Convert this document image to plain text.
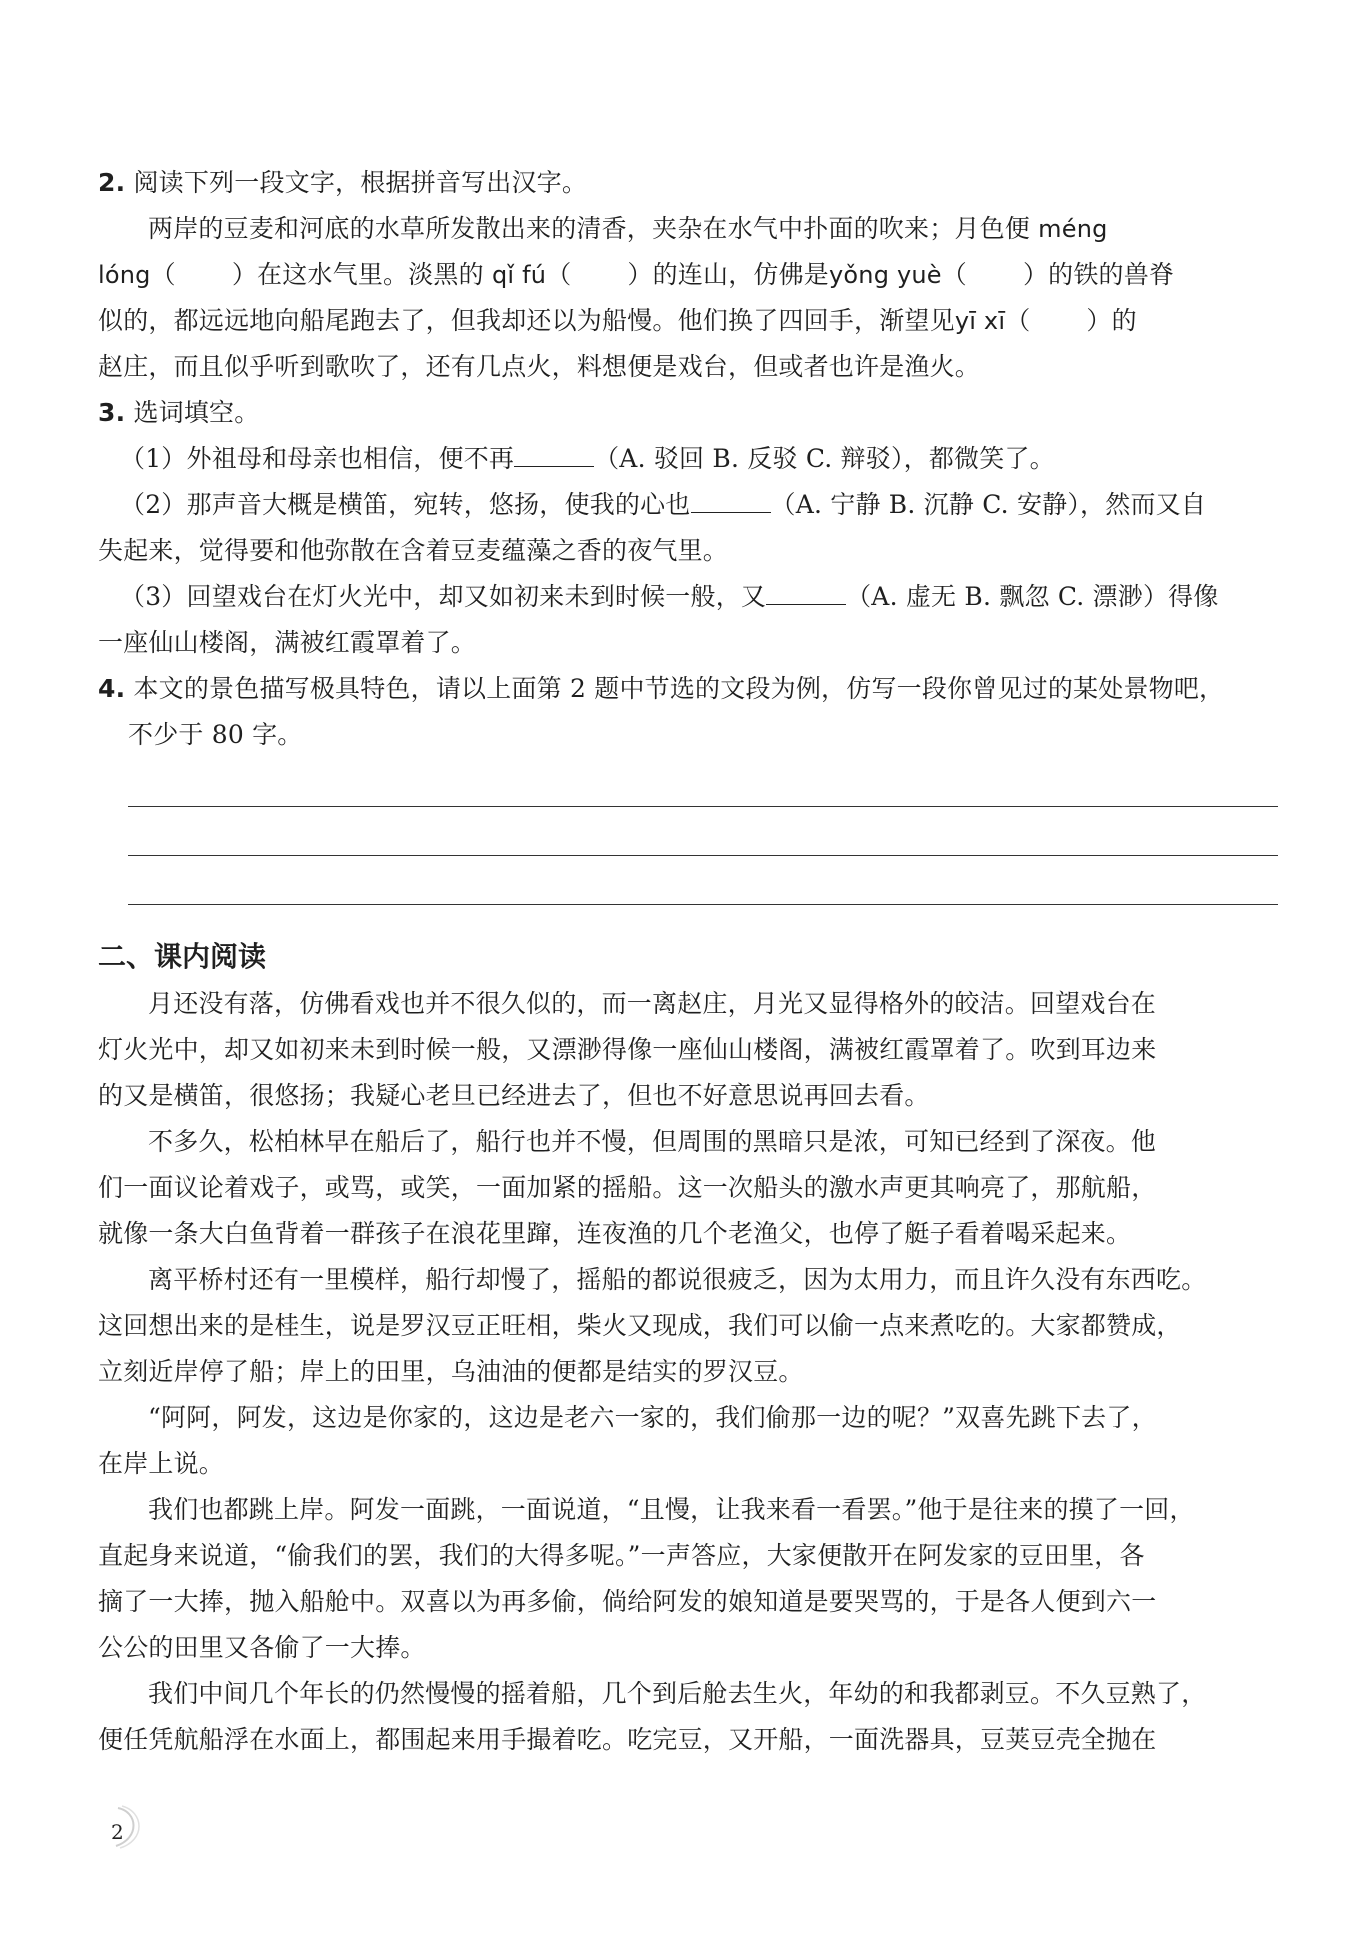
2. 阅读下列一段文字，根据拼音写出汉字。
两岸的豆麦和河底的水草所发散出来的清香，夹杂在水气中扑面的吹来；月色便 méng
lóng（ ）在这水气里。淡黑的 qǐ fú（ ）的连山，仿佛是yǒng yuè（ ）的铁的兽脊
似的，都远远地向船尾跑去了，但我却还以为船慢。他们换了四回手，渐望见yī xī（ ）的
赵庄，而且似乎听到歌吹了，还有几点火，料想便是戏台，但或者也许是渔火。
3. 选词填空。
（1）外祖母和母亲也相信，便不再	（A. 驳回 B. 反驳 C. 辩驳），都微笑了。
（2）那声音大概是横笛，宛转，悠扬，使我的心也	（A. 宁静 B. 沉静 C. 安静），然而又自
失起来，觉得要和他弥散在含着豆麦蕴藻之香的夜气里。
（3）回望戏台在灯火光中，却又如初来未到时候一般，又	（A. 虚无 B. 飘忽 C. 漂渺）得像
一座仙山楼阁，满被红霞罩着了。
4. 本文的景色描写极具特色，请以上面第 2 题中节选的文段为例，仿写一段你曾见过的某处景物吧，
不少于 80 字。
二、课内阅读
月还没有落，仿佛看戏也并不很久似的，而一离赵庄，月光又显得格外的皎洁。回望戏台在
灯火光中，却又如初来未到时候一般，又漂渺得像一座仙山楼阁，满被红霞罩着了。吹到耳边来
的又是横笛，很悠扬；我疑心老旦已经进去了，但也不好意思说再回去看。
不多久，松柏林早在船后了，船行也并不慢，但周围的黑暗只是浓，可知已经到了深夜。他
们一面议论着戏子，或骂，或笑，一面加紧的摇船。这一次船头的激水声更其响亮了，那航船，
就像一条大白鱼背着一群孩子在浪花里蹿，连夜渔的几个老渔父，也停了艇子看着喝采起来。
离平桥村还有一里模样，船行却慢了，摇船的都说很疲乏，因为太用力，而且许久没有东西吃。
这回想出来的是桂生，说是罗汉豆正旺相，柴火又现成，我们可以偷一点来煮吃的。大家都赞成，
立刻近岸停了船；岸上的田里，乌油油的便都是结实的罗汉豆。
“阿阿，阿发，这边是你家的，这边是老六一家的，我们偷那一边的呢？”双喜先跳下去了，
在岸上说。
我们也都跳上岸。阿发一面跳，一面说道，“且慢，让我来看一看罢。”他于是往来的摸了一回，
直起身来说道，“偷我们的罢，我们的大得多呢。”一声答应，大家便散开在阿发家的豆田里，各
摘了一大捧，抛入船舱中。双喜以为再多偷，倘给阿发的娘知道是要哭骂的，于是各人便到六一
公公的田里又各偷了一大捧。
我们中间几个年长的仍然慢慢的摇着船，几个到后舱去生火，年幼的和我都剥豆。不久豆熟了，
便任凭航船浮在水面上，都围起来用手撮着吃。吃完豆，又开船，一面洗器具，豆荚豆壳全抛在
2
